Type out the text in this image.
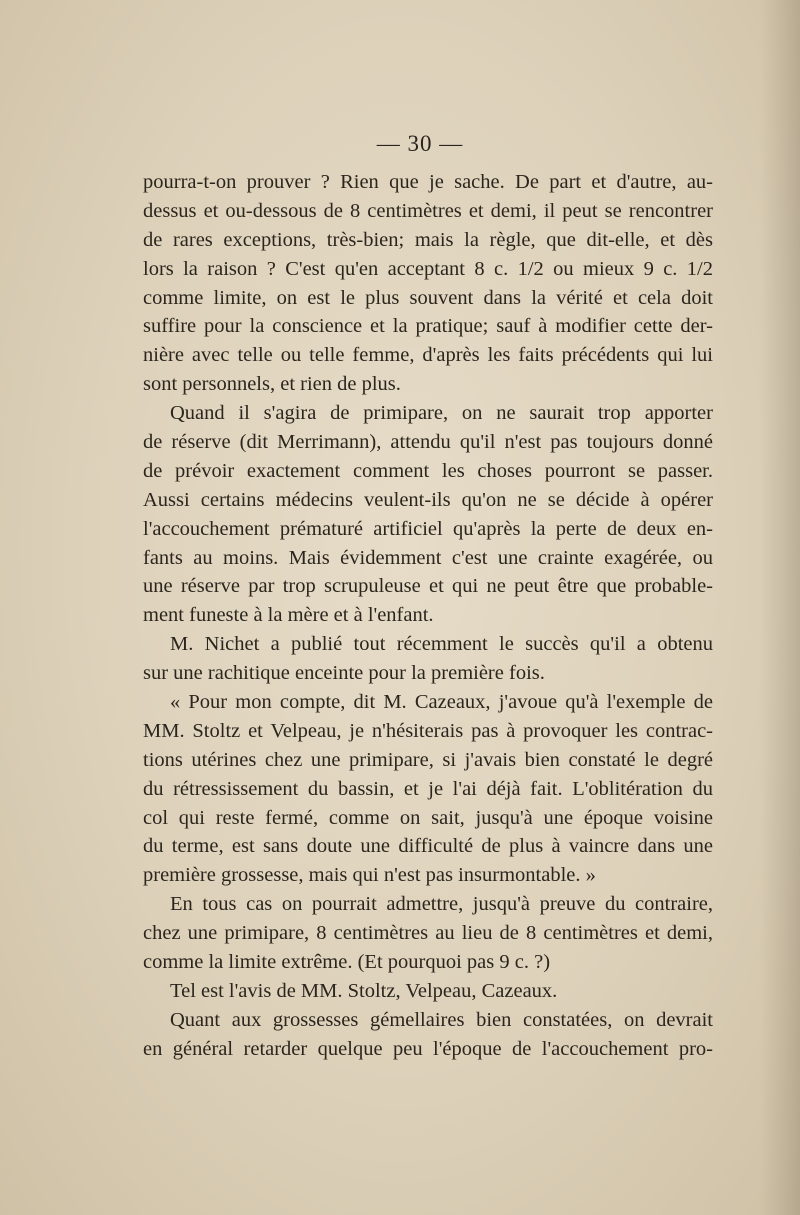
— 30 —
pourra-t-on prouver ? Rien que je sache. De part et d'autre, au-
dessus et ou-dessous de 8 centimètres et demi, il peut se rencontrer
de rares exceptions, très-bien; mais la règle, que dit-elle, et dès
lors la raison ? C'est qu'en acceptant 8 c. 1/2 ou mieux 9 c. 1/2
comme limite, on est le plus souvent dans la vérité et cela doit
suffire pour la conscience et la pratique; sauf à modifier cette der-
nière avec telle ou telle femme, d'après les faits précédents qui lui
sont personnels, et rien de plus.
Quand il s'agira de primipare, on ne saurait trop apporter
de réserve (dit Merrimann), attendu qu'il n'est pas toujours donné
de prévoir exactement comment les choses pourront se passer.
Aussi certains médecins veulent-ils qu'on ne se décide à opérer
l'accouchement prématuré artificiel qu'après la perte de deux en-
fants au moins. Mais évidemment c'est une crainte exagérée, ou
une réserve par trop scrupuleuse et qui ne peut être que probable-
ment funeste à la mère et à l'enfant.
M. Nichet a publié tout récemment le succès qu'il a obtenu
sur une rachitique enceinte pour la première fois.
« Pour mon compte, dit M. Cazeaux, j'avoue qu'à l'exemple de
MM. Stoltz et Velpeau, je n'hésiterais pas à provoquer les contrac-
tions utérines chez une primipare, si j'avais bien constaté le degré
du rétressissement du bassin, et je l'ai déjà fait. L'oblitération du
col qui reste fermé, comme on sait, jusqu'à une époque voisine
du terme, est sans doute une difficulté de plus à vaincre dans une
première grossesse, mais qui n'est pas insurmontable. »
En tous cas on pourrait admettre, jusqu'à preuve du contraire,
chez une primipare, 8 centimètres au lieu de 8 centimètres et demi,
comme la limite extrême. (Et pourquoi pas 9 c. ?)
Tel est l'avis de MM. Stoltz, Velpeau, Cazeaux.
Quant aux grossesses gémellaires bien constatées, on devrait
en général retarder quelque peu l'époque de l'accouchement pro-
